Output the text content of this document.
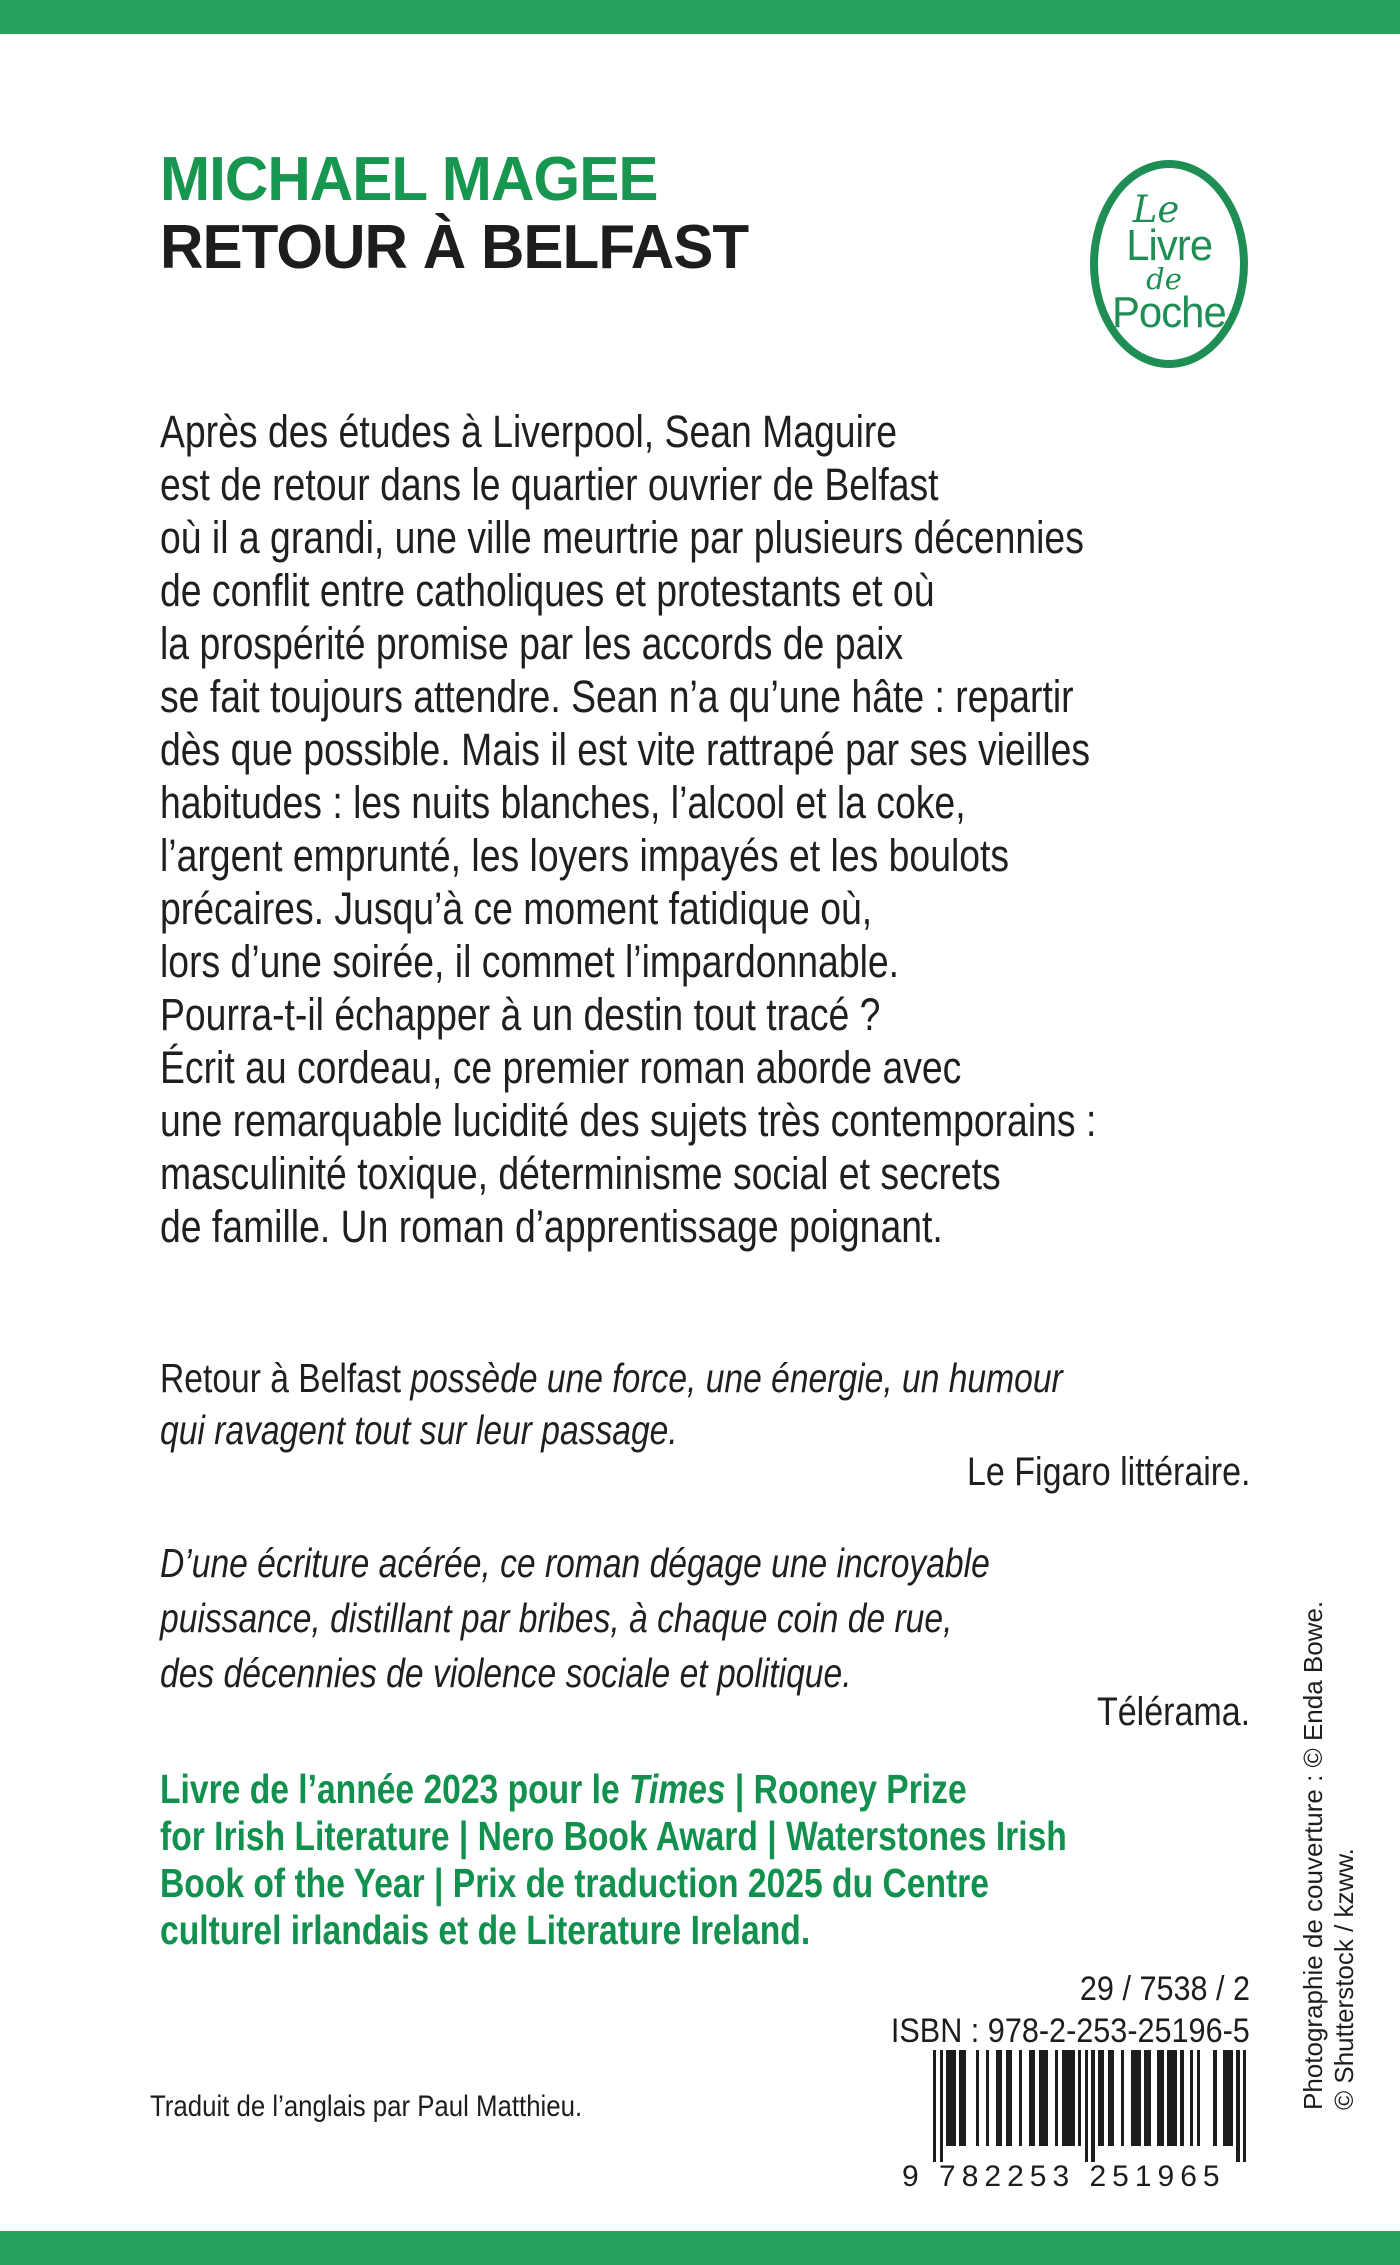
MICHAEL MAGEE
RETOUR À BELFAST
Le
Livre
de
Poche
Après des études à Liverpool, Sean Maguire
est de retour dans le quartier ouvrier de Belfast
où il a grandi, une ville meurtrie par plusieurs décennies
de conflit entre catholiques et protestants et où
la prospérité promise par les accords de paix
se fait toujours attendre. Sean n’a qu’une hâte : repartir
dès que possible. Mais il est vite rattrapé par ses vieilles
habitudes : les nuits blanches, l’alcool et la coke,
l’argent emprunté, les loyers impayés et les boulots
précaires. Jusqu’à ce moment fatidique où,
lors d’une soirée, il commet l’impardonnable.
Pourra-t-il échapper à un destin tout tracé ?
Écrit au cordeau, ce premier roman aborde avec
une remarquable lucidité des sujets très contemporains :
masculinité toxique, déterminisme social et secrets
de famille. Un roman d’apprentissage poignant.
Retour à Belfast possède une force, une énergie, un humour
qui ravagent tout sur leur passage.
Le Figaro littéraire.
D’une écriture acérée, ce roman dégage une incroyable
puissance, distillant par bribes, à chaque coin de rue,
des décennies de violence sociale et politique.
Télérama.
Livre de l’année 2023 pour le Times | Rooney Prize
for Irish Literature | Nero Book Award | Waterstones Irish
Book of the Year | Prix de traduction 2025 du Centre
culturel irlandais et de Literature Ireland.
29 / 7538 / 2
ISBN : 978-2-253-25196-5
9 782253 251965
Traduit de l’anglais par Paul Matthieu.	Photographie de couverture : © Enda Bowe. © Shutterstock / kzww.
